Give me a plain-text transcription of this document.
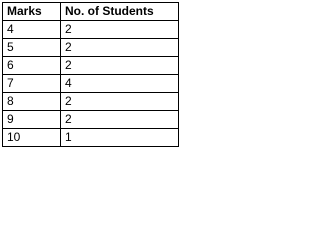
Marks	No. of Students
4	2
5	2
6	2
7	4
8	2
9	2
10	1
